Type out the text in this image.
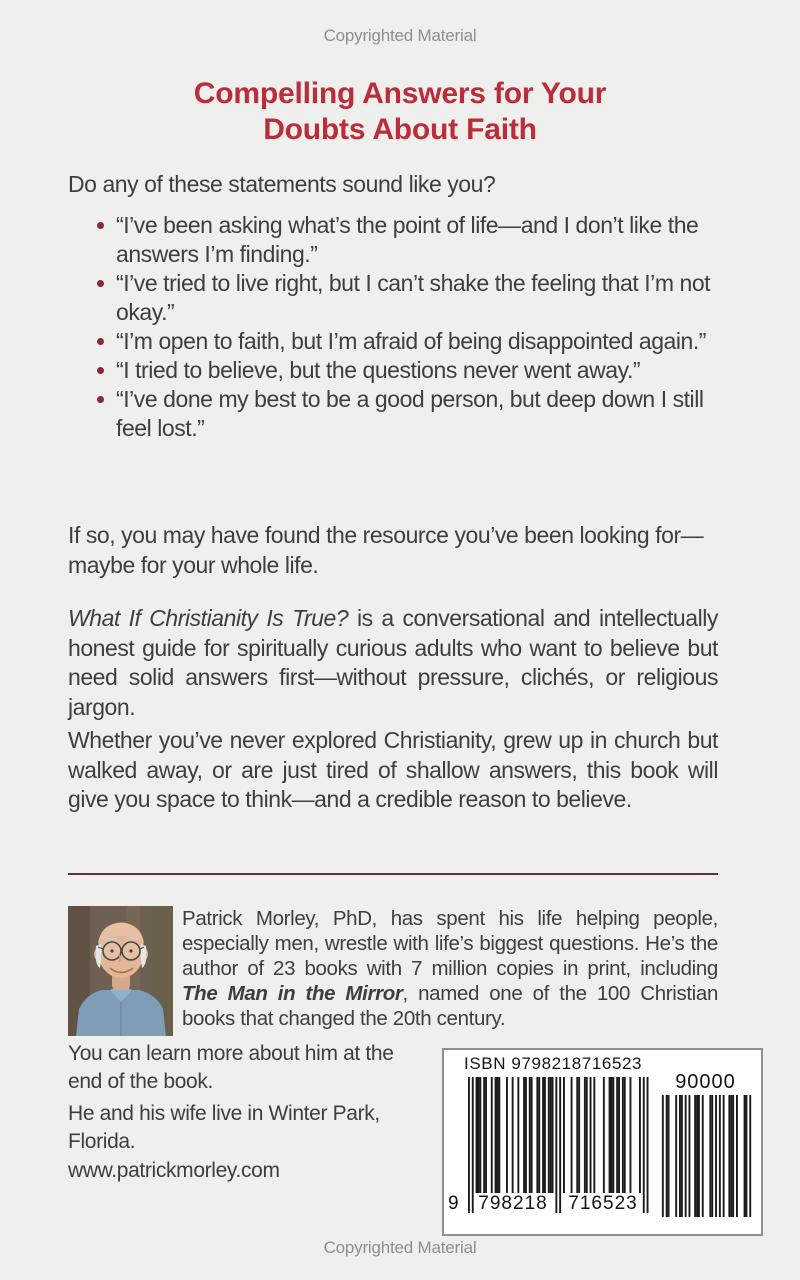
Copyrighted Material
Compelling Answers for Your
Doubts About Faith
Do any of these statements sound like you?
“I’ve been asking what’s the point of life—and I don’t like the answers I’m finding.”
“I’ve tried to live right, but I can’t shake the feeling that I’m not okay.”
“I’m open to faith, but I’m afraid of being disappointed again.”
“I tried to believe, but the questions never went away.”
“I’ve done my best to be a good person, but deep down I still feel lost.”

If so, you may have found the resource you’ve been looking for—maybe for your whole life.

What If Christianity Is True? is a conversational and intellectually honest guide for spiritually curious adults who want to believe but need solid answers first—without pressure, clichés, or religious jargon.

Whether you’ve never explored Christianity, grew up in church but walked away, or are just tired of shallow answers, this book will give you space to think—and a credible reason to believe.

Patrick Morley, PhD, has spent his life helping people, especially men, wrestle with life’s biggest questions. He’s the author of 23 books with 7 million copies in print, including The Man in the Mirror, named one of the 100 Christian books that changed the 20th century.

You can learn more about him at the end of the book.

He and his wife live in Winter Park, Florida.

www.patrickmorley.com

ISBN 9798218716523
9 798218 716523
90000
Copyrighted Material
